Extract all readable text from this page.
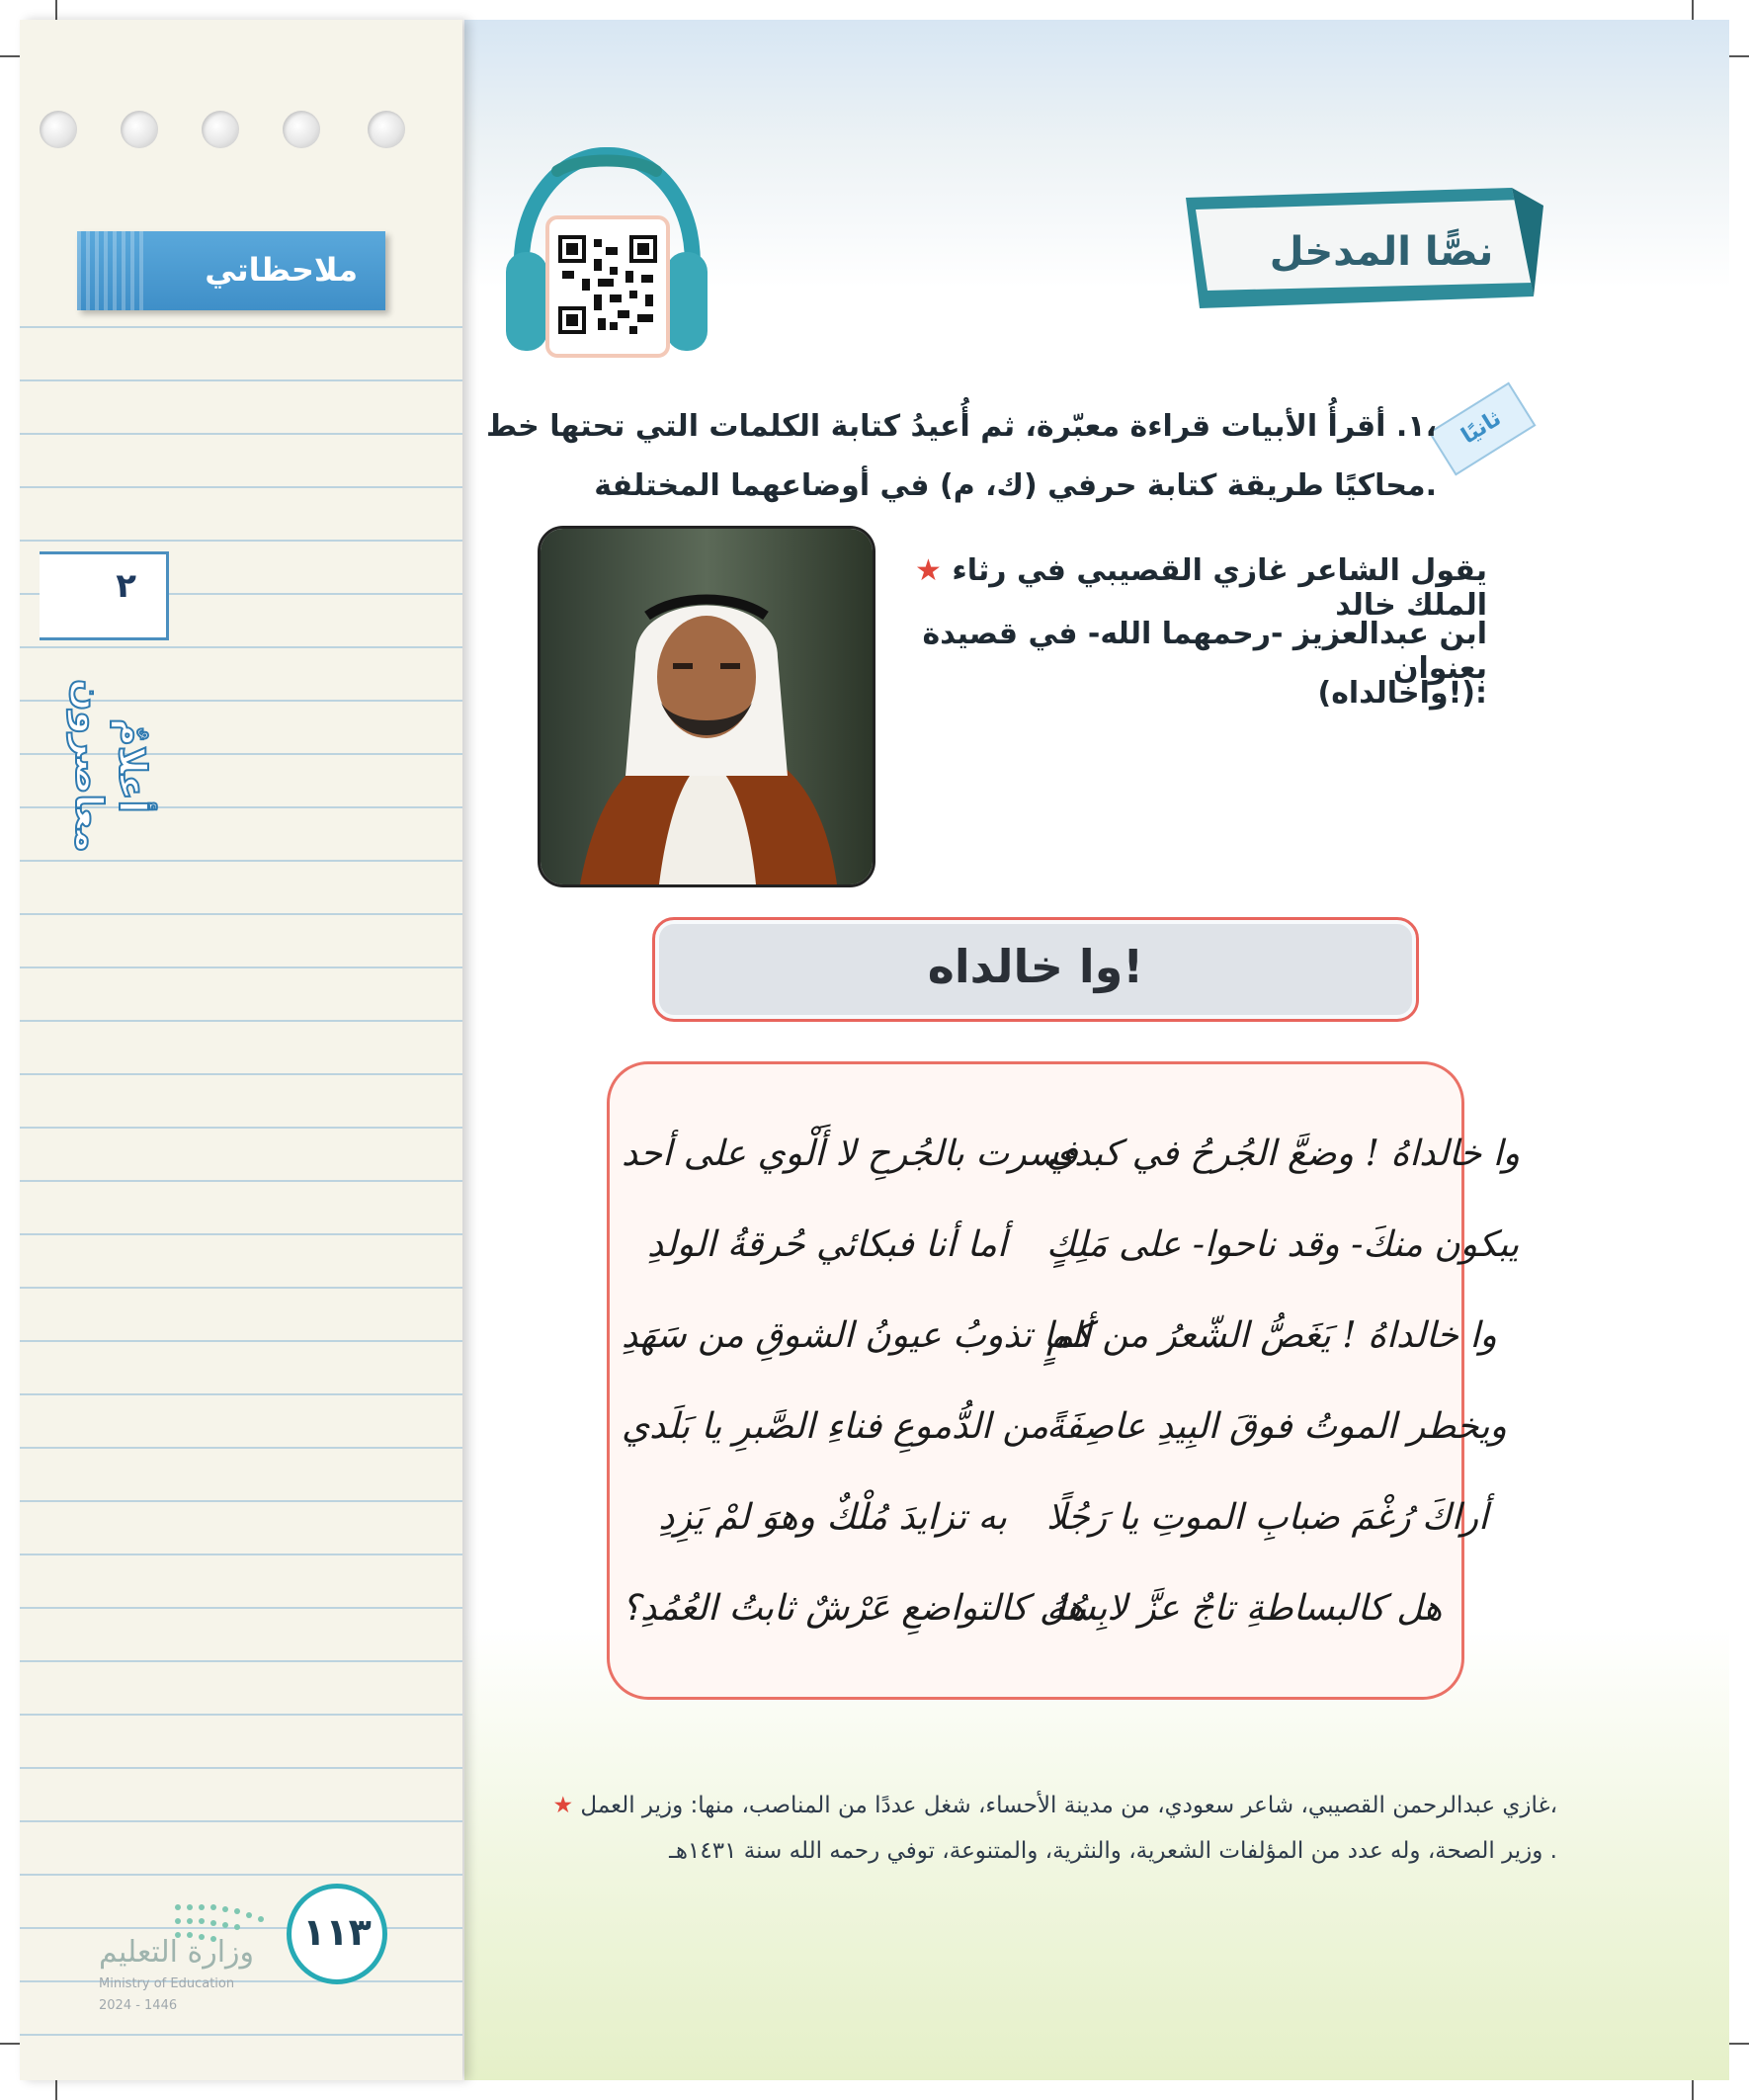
ملاحظاتي
٢
أعلامٌ معاصرون
نصًّا المدخل
ثانيًا
١. أقرأُ الأبيات قراءة معبّرة، ثم أُعيدُ كتابة الكلمات التي تحتها خط،
محاكيًا طريقة كتابة حرفي (ك، م) في أوضاعهما المختلفة.
★ يقول الشاعر غازي القصيبي في رثاء الملك خالد
ابن عبدالعزيز -رحمهما الله- في قصيدة بعنوان
(واخالداه!):
وا خالداه!
وا خالداهُ ! وضعَّ الجُرحُ في كبدي
فسرت بالجُرحِ لا أَلْوي على أحد
يبكون منكَ- وقد ناحوا- على مَلِكٍ
أما أنا فبكائي حُرقةُ الولدِ
وا خالداهُ ! يَغَصُّ الشّعرُ من ألمٍ
كما تذوبُ عيونُ الشوقِ من سَهَدِ
ويخطر الموتُ فوقَ البِيدِ عاصِفَةً
من الدُّموعِ فناءِ الصَّبرِ يا بَلَدي
أراكَ رُغْمَ ضبابِ الموتِ يا رَجُلًا
به تزايدَ مُلْكٌ وهوَ لمْ يَزِدِ
هل كالبساطةِ تاجٌ عزَّ لابِسُهُ
هل كالتواضعِ عَرْشٌ ثابتُ العُمُدِ؟
★ غازي عبدالرحمن القصيبي، شاعر سعودي، من مدينة الأحساء، شغل عددًا من المناصب، منها: وزير العمل،
وزير الصحة، وله عدد من المؤلفات الشعرية، والنثرية، والمتنوعة، توفي رحمه الله سنة ١٤٣١هـ .
وزارة التعليم
Ministry of Education
2024 - 1446
١١٣
